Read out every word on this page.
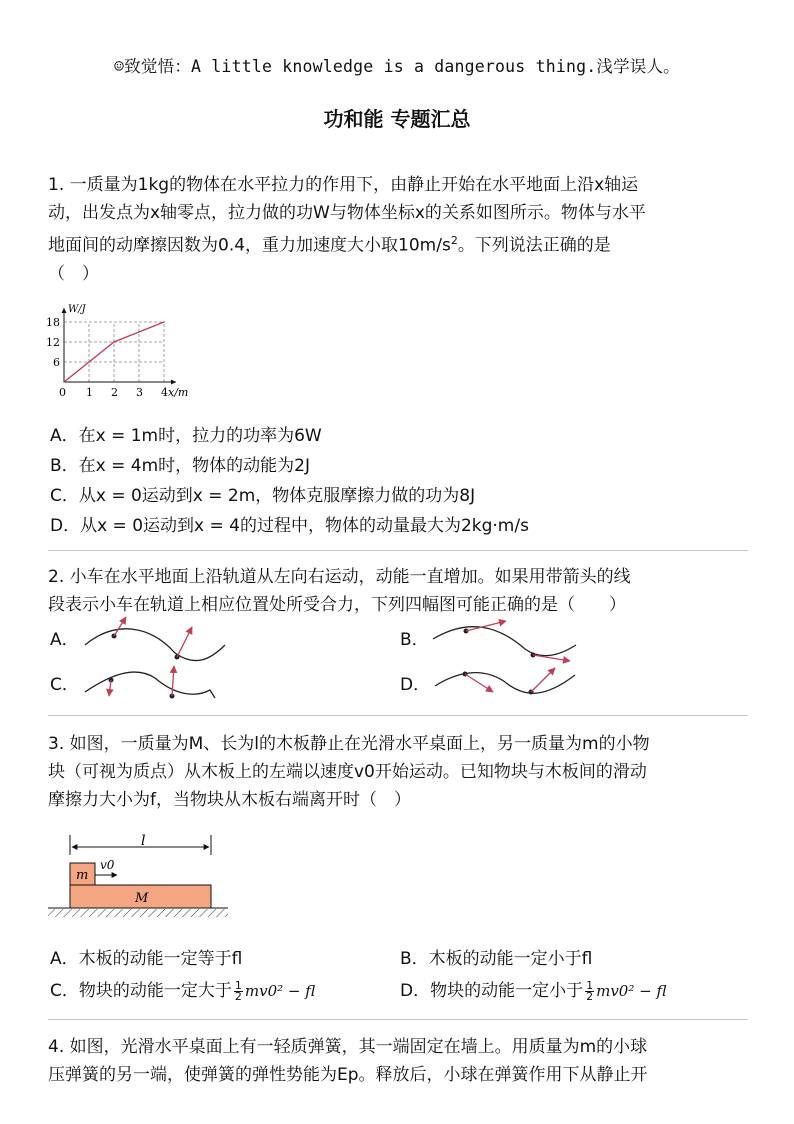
☺致觉悟：A little knowledge is a dangerous thing.浅学误人。
功和能 专题汇总
1. 一质量为1kg的物体在水平拉力的作用下，由静止开始在水平地面上沿x轴运
动，出发点为x轴零点，拉力做的功W与物体坐标x的关系如图所示。物体与水平
地面间的动摩擦因数为0.4，重力加速度大小取$10m/s^2$。下列说法正确的是
（　）
0 1 2 3 4
6
12
18
x/m
W/J
A．在x = 1m时，拉力的功率为6W
B．在x = 4m时，物体的动能为2J
C．从x = 0运动到x = 2m，物体克服摩擦力做的功为8J
D．从x = 0运动到x = 4的过程中，物体的动量最大为2kg·m/s
2. 小车在水平地面上沿轨道从左向右运动，动能一直增加。如果用带箭头的线
段表示小车在轨道上相应位置处所受合力，下列四幅图可能正确的是（　　）
A．	B．
C．	D．
3. 如图，一质量为M、长为l的木板静止在光滑水平桌面上，另一质量为m的小物
块（可视为质点）从木板上的左端以速度v0开始运动。已知物块与木板间的滑动
摩擦力大小为f，当物块从木板右端离开时（　）
l
m
v0
M
A．木板的动能一定等于fl	B．木板的动能一定小于fl
C．物块的动能一定大于 $\frac{1}{2} mv0^2$ − fl	D．物块的动能一定小于 $\frac{1}{2} mv0^2$ − fl
4. 如图，光滑水平桌面上有一轻质弹簧，其一端固定在墙上。用质量为m的小球
压弹簧的另一端，使弹簧的弹性势能为Ep。释放后，小球在弹簧作用下从静止开
